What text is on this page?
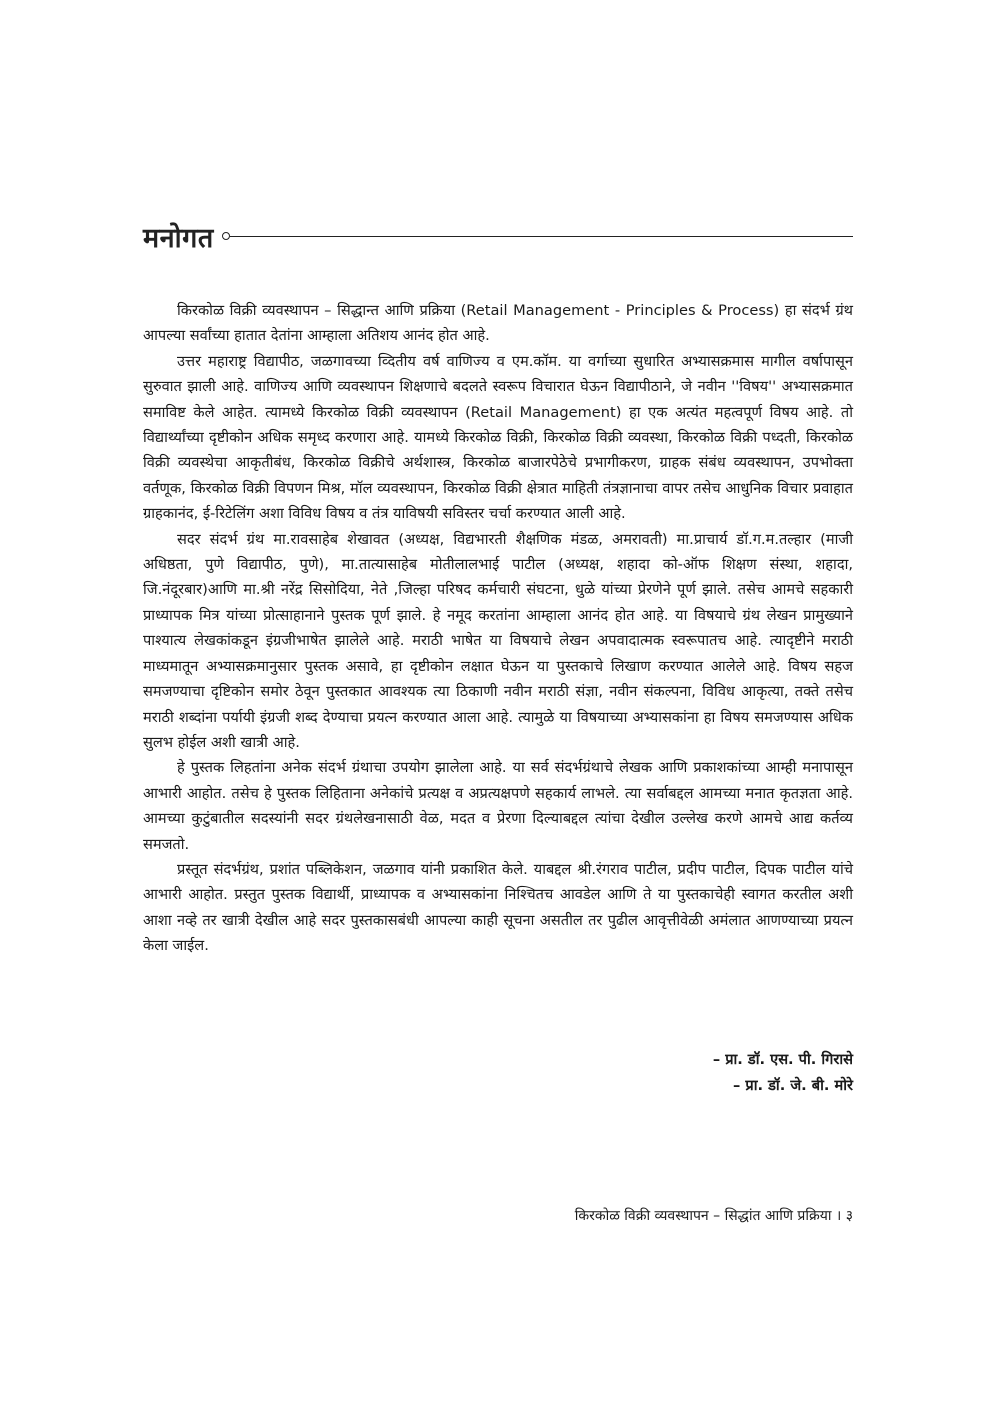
मनोगत

किरकोळ विक्री व्यवस्थापन – सिद्धान्त आणि प्रक्रिया (Retail Management - Principles & Process) हा संदर्भ ग्रंथ आपल्या सर्वांच्या हातात देतांना आम्हाला अतिशय आनंद होत आहे.

उत्तर महाराष्ट्र विद्यापीठ, जळगावच्या व्दितीय वर्ष वाणिज्य व एम.कॉम. या वर्गाच्या सुधारित अभ्यासक्रमास मागील वर्षापासून सुरुवात झाली आहे. वाणिज्य आणि व्यवस्थापन शिक्षणाचे बदलते स्वरूप विचारात घेऊन विद्यापीठाने, जे नवीन ''विषय'' अभ्यासक्रमात समाविष्ट केले आहेत. त्यामध्ये किरकोळ विक्री व्यवस्थापन (Retail Management) हा एक अत्यंत महत्वपूर्ण विषय आहे. तो विद्यार्थ्यांच्या दृष्टीकोन अधिक समृध्द करणारा आहे. यामध्ये किरकोळ विक्री, किरकोळ विक्री व्यवस्था, किरकोळ विक्री पध्दती, किरकोळ विक्री व्यवस्थेचा आकृतीबंध, किरकोळ विक्रीचे अर्थशास्त्र, किरकोळ बाजारपेठेचे प्रभागीकरण, ग्राहक संबंध व्यवस्थापन, उपभोक्ता वर्तणूक, किरकोळ विक्री विपणन मिश्र, मॉल व्यवस्थापन, किरकोळ विक्री क्षेत्रात माहिती तंत्रज्ञानाचा वापर तसेच आधुनिक विचार प्रवाहात ग्राहकानंद, ई-रिटेलिंग अशा विविध विषय व तंत्र याविषयी सविस्तर चर्चा करण्यात आली आहे.

सदर संदर्भ ग्रंथ मा.रावसाहेब शेखावत (अध्यक्ष, विद्यभारती शैक्षणिक मंडळ, अमरावती) मा.प्राचार्य डॉ.ग.म.तल्हार (माजी अधिष्ठता, पुणे विद्यापीठ, पुणे), मा.तात्यासाहेब मोतीलालभाई पाटील (अध्यक्ष, शहादा को-ऑफ शिक्षण संस्था, शहादा, जि.नंदूरबार)आणि मा.श्री नरेंद्र सिसोदिया, नेते ,जिल्हा परिषद कर्मचारी संघटना, धुळे यांच्या प्रेरणेने पूर्ण झाले. तसेच आमचे सहकारी प्राध्यापक मित्र यांच्या प्रोत्साहानाने पुस्तक पूर्ण झाले. हे नमूद करतांना आम्हाला आनंद होत आहे. या विषयाचे ग्रंथ लेखन प्रामुख्याने पाश्यात्य लेखकांकडून इंग्रजीभाषेत झालेले आहे. मराठी भाषेत या विषयाचे लेखन अपवादात्मक स्वरूपातच आहे. त्यादृष्टीने मराठी माध्यमातून अभ्यासक्रमानुसार पुस्तक असावे, हा दृष्टीकोन लक्षात घेऊन या पुस्तकाचे लिखाण करण्यात आलेले आहे. विषय सहज समजण्याचा दृष्टिकोन समोर ठेवून पुस्तकात आवश्यक त्या ठिकाणी नवीन मराठी संज्ञा, नवीन संकल्पना, विविध आकृत्या, तक्ते तसेच मराठी शब्दांना पर्यायी इंग्रजी शब्द देण्याचा प्रयत्न करण्यात आला आहे. त्यामुळे या विषयाच्या अभ्यासकांना हा विषय समजण्यास अधिक सुलभ होईल अशी खात्री आहे.

हे पुस्तक लिहतांना अनेक संदर्भ ग्रंथाचा उपयोग झालेला आहे. या सर्व संदर्भग्रंथाचे लेखक आणि प्रकाशकांच्या आम्ही मनापासून आभारी आहोत. तसेच हे पुस्तक लिहिताना अनेकांचे प्रत्यक्ष व अप्रत्यक्षपणे सहकार्य लाभले. त्या सर्वाबद्दल आमच्या मनात कृतज्ञता आहे. आमच्या कुटुंबातील सदस्यांनी सदर ग्रंथलेखनासाठी वेळ, मदत व प्रेरणा दिल्याबद्दल त्यांचा देखील उल्लेख करणे आमचे आद्य कर्तव्य समजतो.

प्रस्तूत संदर्भग्रंथ, प्रशांत पब्लिकेशन, जळगाव यांनी प्रकाशित केले. याबद्दल श्री.रंगराव पाटील, प्रदीप पाटील, दिपक पाटील यांचे आभारी आहोत. प्रस्तुत पुस्तक विद्यार्थी, प्राध्यापक व अभ्यासकांना निश्चितच आवडेल आणि ते या पुस्तकाचेही स्वागत करतील अशी आशा नव्हे तर खात्री देखील आहे सदर पुस्तकासबंधी आपल्या काही सूचना असतील तर पुढील आवृत्तीवेळी अमंलात आणण्याच्या प्रयत्न केला जाईल.

– प्रा. डॉ. एस. पी. गिरासे
– प्रा. डॉ. जे. बी. मोरे
किरकोळ विक्री व्यवस्थापन – सिद्धांत आणि प्रक्रिया । ३
